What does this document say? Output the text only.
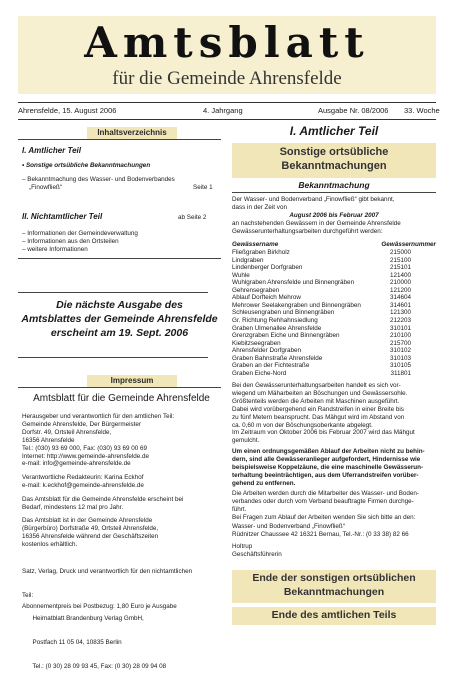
Amtsblatt
für die Gemeinde Ahrensfelde
Ahrensfelde, 15. August 2006	4. Jahrgang	Ausgabe Nr. 08/2006 33. Woche
Inhaltsverzeichnis
I. Amtlicher Teil
• Sonstige ortsübliche Bekanntmachungen
– Bekanntmachung des Wasser- und Bodenverbandes
„Finowfließ“	Seite 1
II. Nichtamtlicher Teil	ab Seite 2
– Informationen der Gemeindeverwaltung
– Informationen aus den Ortsteilen
– weitere Informationen
Die nächste Ausgabe des
Amtsblattes der Gemeinde Ahrensfelde
erscheint am 19. Sept. 2006
Impressum
Amtsblatt für die Gemeinde Ahrensfelde
Herausgeber und verantwortlich für den amtlichen Teil:
Gemeinde Ahrensfelde, Der Bürgermeister
Dorfstr. 49, Ortsteil Ahrensfelde,
16356 Ahrensfelde
Tel.: (030) 93 69 000, Fax: (030) 93 69 00 69
Internet: http://www.gemeinde-ahrensfelde.de
e-mail: info@gemeinde-ahrensfelde.de
Verantwortliche Redakteurin: Karina Eckhof
e-mail: k.eckhof@gemeinde-ahrensfelde.de
Das Amtsblatt für die Gemeinde Ahrensfelde erscheint bei
Bedarf, mindestens 12 mal pro Jahr.
Das Amtsblatt ist in der Gemeinde Ahrensfelde
(Bürgerbüro) Dorfstraße 49, Ortsteil Ahrensfelde,
16356 Ahrensfelde während der Geschäftszeiten
kostenlos erhältlich.

Satz, Verlag, Druck und verantwortlich für den nichtamtlichen

Teil:

Heimatblatt Brandenburg Verlag GmbH,

Postfach 11 05 04, 10835 Berlin

Tel.: (0 30) 28 09 93 45, Fax: (0 30) 28 09 94 08

Abonnementpreis bei Postbezug: 1,80 Euro je Ausgabe
I. Amtlicher Teil
Sonstige ortsübliche
Bekanntmachungen
Bekanntmachung
Der Wasser- und Bodenverband „Finowfließ“ gibt bekannt,
dass in der Zeit von
August 2006 bis Februar 2007
an nachstehenden Gewässern in der Gemeinde Ahrensfelde
Gewässerunterhaltungsarbeiten durchgeführt werden:
Gewässername	Gewässernummer
Fließgraben Birkholz	215000
Lindgraben	215100
Lindenberger Dorfgraben	215101
Wuhle	121400
Wuhlgraben Ahrensfelde und Binnengräben	210000
Gehrensegraben	121200
Ablauf Dorfteich Mehrow	314604
Mehrower Seelakengraben und Binnengräben	314601
Schleusengraben und Binnengräben	121300
Gr. Richtung Rehhahnsiedlung	212203
Graben Ulmenallee Ahrensfelde	310101
Grenzgraben Eiche und Binnengräben	210100
Kiebitzseegraben	215700
Ahrensfelder Dorfgraben	310102
Graben Bahnstraße Ahrensfelde	310103
Graben an der Fichtestraße	310105
Graben Eiche-Nord	311801
Bei den Gewässerunterhaltungsarbeiten handelt es sich vor-
wiegend um Mäharbeiten an Böschungen und Gewässersohle.
Größtenteils werden die Arbeiten mit Maschinen ausgeführt.
Dabei wird vorübergehend ein Randstreifen in einer Breite bis
zu fünf Metern beansprucht. Das Mähgut wird im Abstand von
ca. 0,60 m von der Böschungsoberkante abgelegt.
Im Zeitraum von Oktober 2006 bis Februar 2007 wird das Mähgut
gemulcht.
Um einen ordnungsgemäßen Ablauf der Arbeiten nicht zu behin-
dern, sind alle Gewässeranlieger aufgefordert, Hindernisse wie
beispielsweise Koppelzäune, die eine maschinelle Gewässerun-
terhaltung beeinträchtigen, aus dem Uferrandstreifen vorüber-
gehend zu entfernen.
Die Arbeiten werden durch die Mitarbeiter des Wasser- und Boden-
verbandes oder durch vom Verband beauftragte Firmen durchge-
führt.
Bei Fragen zum Ablauf der Arbeiten wenden Sie sich bitte an den:
Wasser- und Bodenverband „Finowfließ“
Rüdnitzer Chaussee 42 16321 Bernau, Tel.-Nr.: (0 33 38) 82 66
Holtrup
Geschäftsführerin
Ende der sonstigen ortsüblichen
Bekanntmachungen
Ende des amtlichen Teils
